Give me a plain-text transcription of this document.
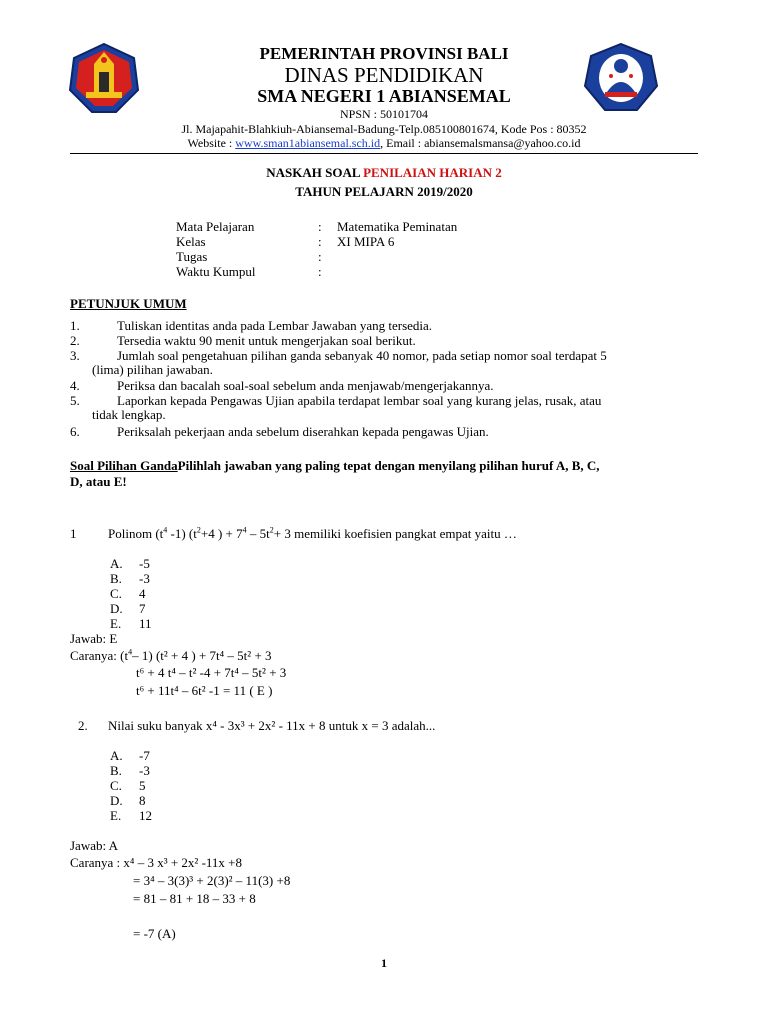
PEMERINTAH PROVINSI BALI
DINAS PENDIDIKAN
SMA NEGERI 1 ABIANSEMAL
NPSN : 50101704
Jl. Majapahit-Blahkiuh-Abiansemal-Badung-Telp.085100801674, Kode Pos : 80352
Website : www.sman1abiansemal.sch.id, Email : abiansemalsmansa@yahoo.co.id
NASKAH SOAL PENILAIAN HARIAN 2
TAHUN PELAJARN 2019/2020
Mata Pelajaran	: Matematika Peminatan
Kelas	: XI MIPA 6
Tugas	:
Waktu Kumpul	:
PETUNJUK UMUM
1.	Tuliskan identitas anda pada Lembar Jawaban yang tersedia.
2.	Tersedia waktu 90 menit untuk mengerjakan soal berikut.
3.	Jumlah soal pengetahuan pilihan ganda sebanyak 40 nomor, pada setiap nomor soal terdapat 5
(lima) pilihan jawaban.
4.	Periksa dan bacalah soal-soal sebelum anda menjawab/mengerjakannya.
5.	Laporkan kepada Pengawas Ujian apabila terdapat lembar soal yang kurang jelas, rusak, atau
tidak lengkap.
6.	Periksalah pekerjaan anda sebelum diserahkan kepada pengawas Ujian.
Soal Pilihan GandaPilihlah jawaban yang paling tepat dengan menyilang pilihan huruf A, B, C,
D, atau E!
1 Polinom ($t^4$ -1) ($t^2+4$ ) + $7^4 - 5t^2+ 3$ memiliki koefisien pangkat empat yaitu …
A. -5
B. -3
C. 4
D. 7
E. 11
Jawab: E
Caranya: ($t^4-$ 1) (t² + 4 ) + 7t⁴ – 5t² + 3
t⁶ + 4 t⁴ – t² -4 + 7t⁴ – 5t² + 3
t⁶ + 11t⁴ – 6t² -1 = 11 ( E )
2. Nilai suku banyak x⁴ - 3x³ + 2x² - 11x + 8 untuk x = 3 adalah...
A. -7
B. -3
C. 5
D. 8
E. 12
Jawab: A
Caranya : x⁴ – 3 x³ + 2x² -11x +8
= 3⁴ – 3(3)³ + 2(3)² – 11(3) +8
= 81 – 81 + 18 – 33 + 8
= -7 (A)
1
